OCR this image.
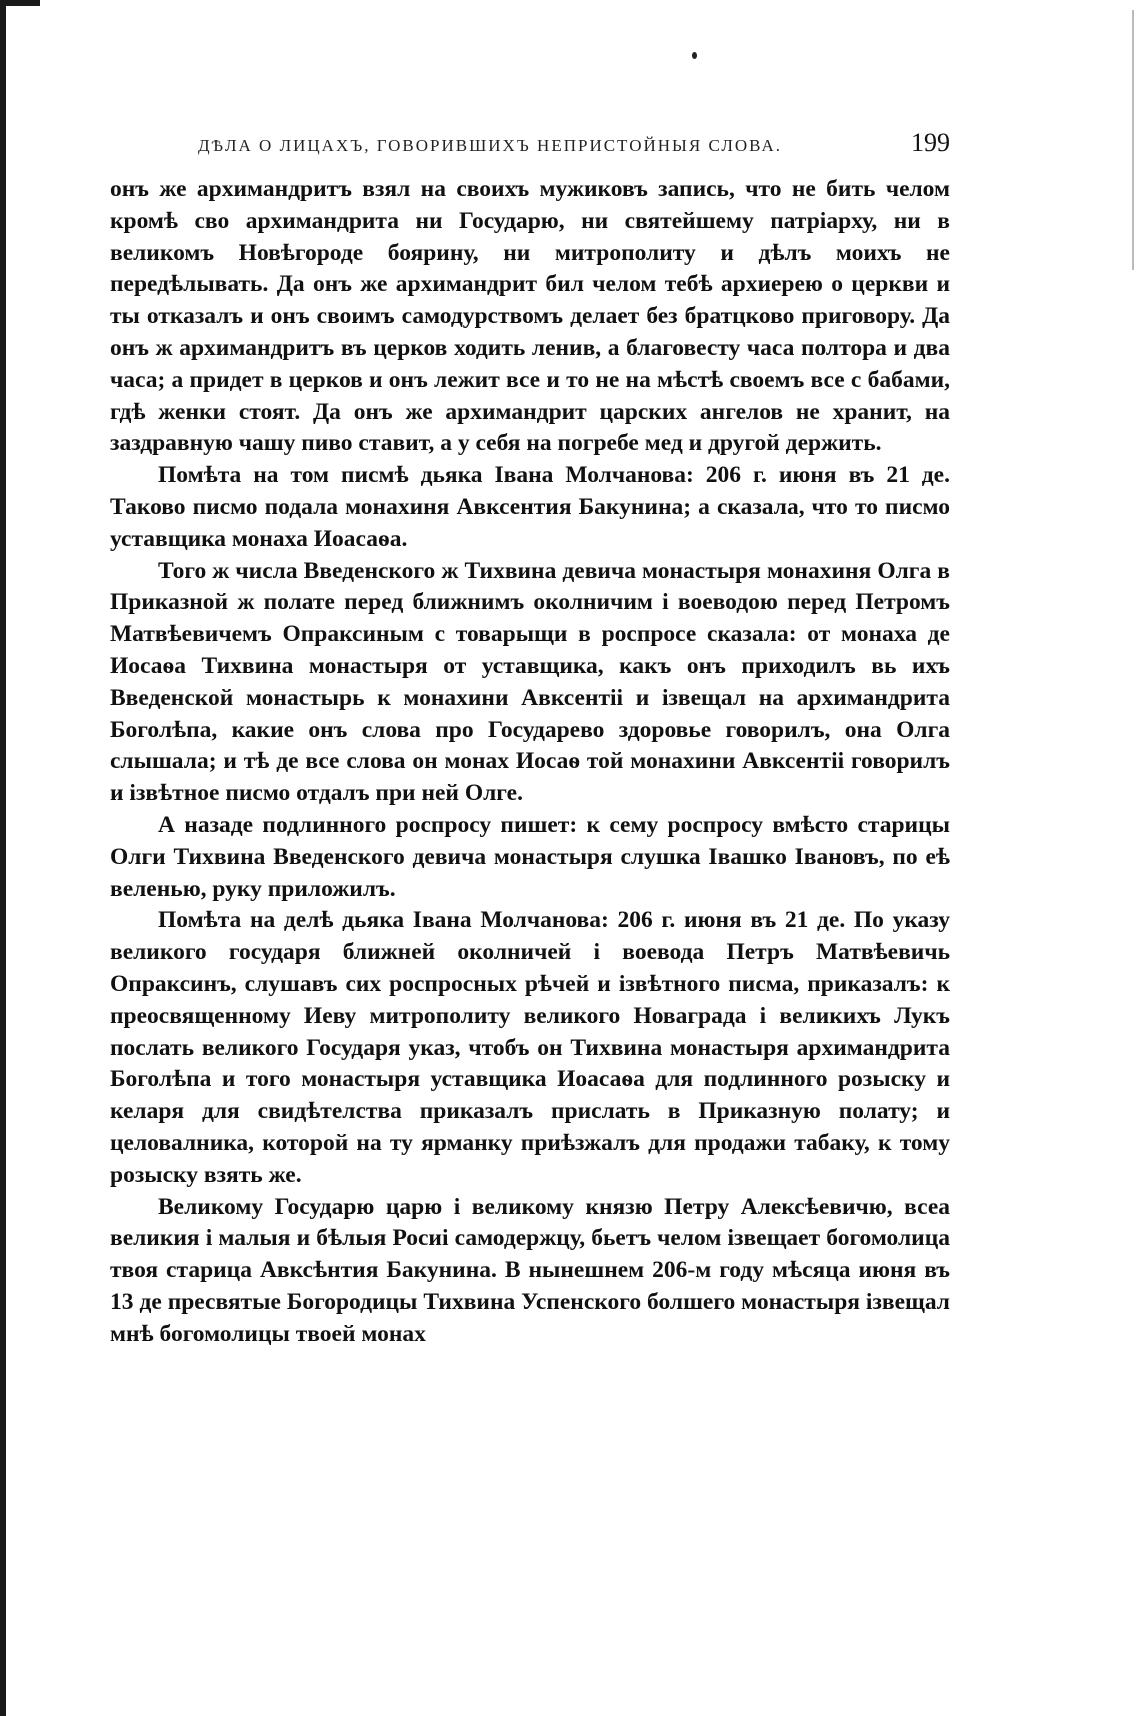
ДѢЛА О ЛИЦАХЪ, ГОВОРИВШИХЪ НЕПРИСТОЙНЫЯ СЛОВА.	199

онъ же архимандритъ взял на своихъ мужиковъ запись, что не бить челом кромѣ сво архимандрита ни Государю, ни святейшему патріарху, ни в великомъ Новѣгороде боярину, ни митрополиту и дѣлъ моихъ не передѣлывать. Да онъ же архимандрит бил челом тебѣ архиерею о церкви и ты отказалъ и онъ своимъ самодурствомъ делает без братцково приговору. Да онъ ж архимандритъ въ церков ходить ленив, а благовесту часа полтора и два часа; а придет в церков и онъ лежит все и то не на мѣстѣ своемъ все с бабами, гдѣ женки стоят. Да онъ же архимандрит царских ангелов не хранит, на заздравную чашу пиво ставит, а у себя на погребе мед и другой держить.

Помѣта на том писмѣ дьяка Івана Молчанова: 206 г. июня въ 21 де. Таково писмо подала монахиня Авксентия Бакунина; а сказала, что то писмо уставщика монаха Иоасаѳа.

Того ж числа Введенского ж Тихвина девича монастыря монахиня Олга в Приказной ж полате перед ближнимъ околничим і воеводою перед Петромъ Матвѣевичемъ Опраксиным с товарыщи в роспросе сказала: от монаха де Иосаѳа Тихвина монастыря от уставщика, какъ онъ приходилъ вь ихъ Введенской монастырь к монахини Авксентіі и ізвещал на архимандрита Боголѣпа, какие онъ слова про Государево здоровье говорилъ, она Олга слышала; и тѣ де все слова он монах Иосаѳ той монахини Авксентіі говорилъ и ізвѣтное писмо отдалъ при ней Олге.

А назаде подлинного роспросу пишет: к сему роспросу вмѣсто старицы Олги Тихвина Введенского девича монастыря слушка Івашко Івановъ, по еѣ веленью, руку приложилъ.

Помѣта на делѣ дьяка Івана Молчанова: 206 г. июня въ 21 де. По указу великого государя ближней околничей і воевода Петръ Матвѣевичь Опраксинъ, слушавъ сих роспросных рѣчей и ізвѣтного писма, приказалъ: к преосвященному Иеву митрополиту великого Новаграда і великихъ Лукъ послать великого Государя указ, чтобъ он Тихвина монастыря архимандрита Боголѣпа и того монастыря уставщика Иоасаѳа для подлинного розыску и келаря для свидѣтелства приказалъ прислать в Приказную полату; и целовалника, которой на ту ярманку приѣзжалъ для продажи табаку, к тому розыску взять же.

Великому Государю царю і великому князю Петру Алексѣевичю, всеа великия і малыя и бѣлыя Росиі самодержцу, бьетъ челом ізвещает богомолица твоя старица Авксѣнтия Бакунина. В нынешнем 206-м году мѣсяца июня въ 13 де пресвятые Богородицы Тихвина Успенского болшего монастыря ізвещал мнѣ богомолицы твоей монах
